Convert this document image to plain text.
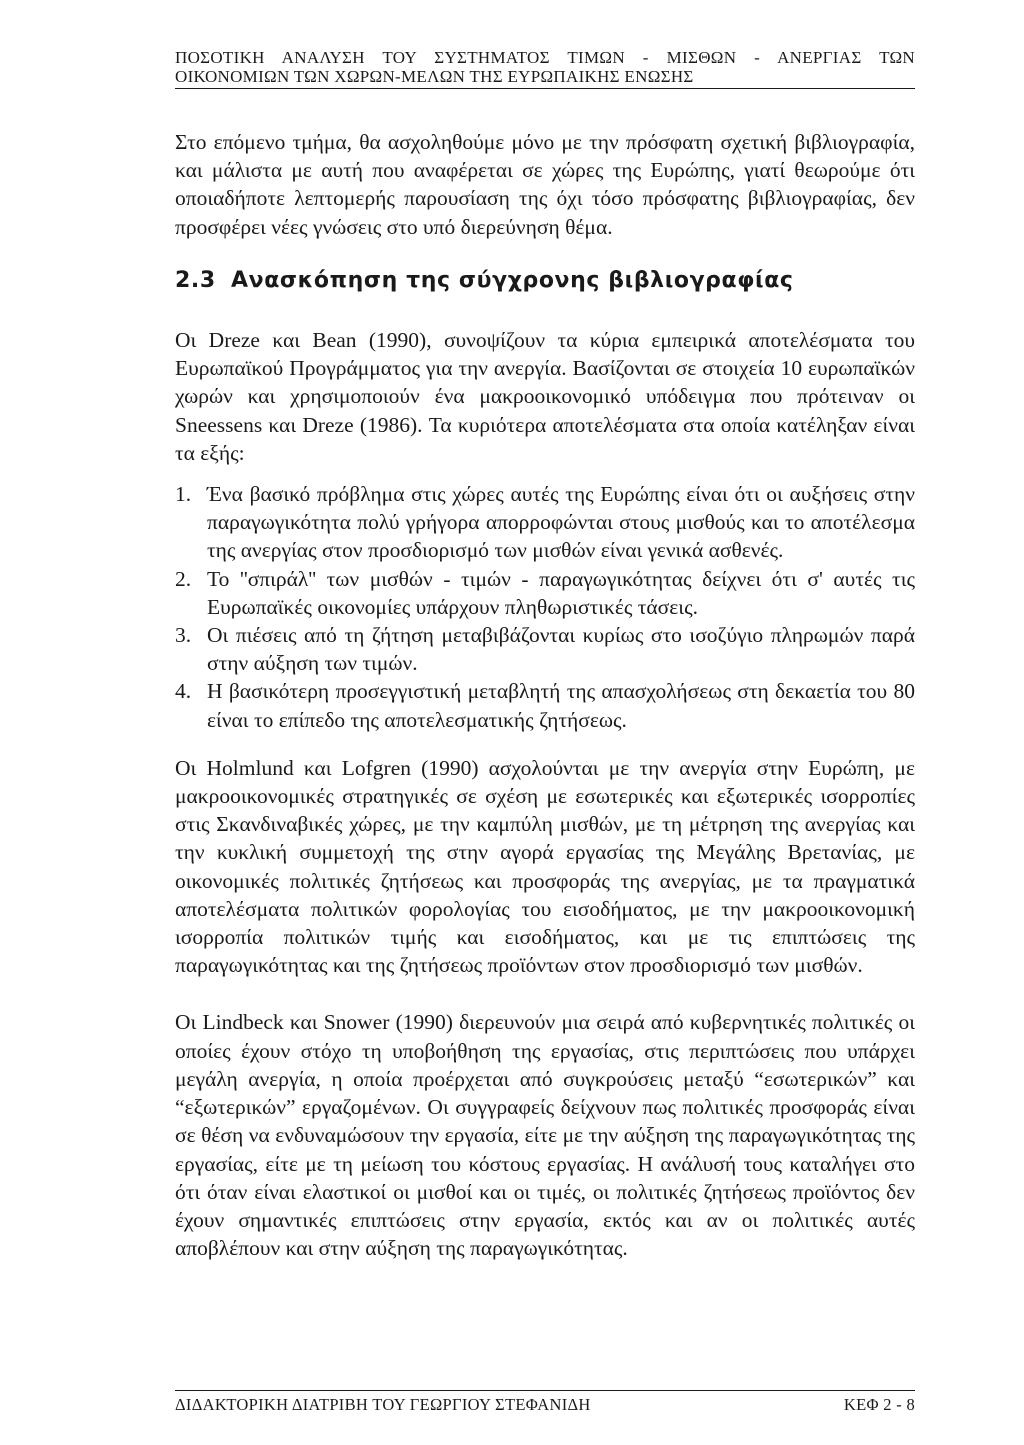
ΠΟΣΟΤΙΚΗ ΑΝΑΛΥΣΗ ΤΟΥ ΣΥΣΤΗΜΑΤΟΣ ΤΙΜΩΝ - ΜΙΣΘΩΝ - ΑΝΕΡΓΙΑΣ ΤΩΝ
ΟΙΚΟΝΟΜΙΩΝ ΤΩΝ ΧΩΡΩΝ-ΜΕΛΩΝ ΤΗΣ ΕΥΡΩΠΑΙΚΗΣ ΕΝΩΣΗΣ

Στο επόμενο τμήμα, θα ασχοληθούμε μόνο με την πρόσφατη σχετική βιβλιογραφία, και μάλιστα με αυτή που αναφέρεται σε χώρες της Ευρώπης, γιατί θεωρούμε ότι οποιαδήποτε λεπτομερής παρουσίαση της όχι τόσο πρόσφατης βιβλιογραφίας, δεν προσφέρει νέες γνώσεις στο υπό διερεύνηση θέμα.

2.3 Ανασκόπηση της σύγχρονης βιβλιογραφίας

Οι Dreze και Bean (1990), συνοψίζουν τα κύρια εμπειρικά αποτελέσματα του Ευρωπαϊκού Προγράμματος για την ανεργία. Βασίζονται σε στοιχεία 10 ευρωπαϊκών χωρών και χρησιμοποιούν ένα μακροοικονομικό υπόδειγμα που πρότειναν οι Sneessens και Dreze (1986). Τα κυριότερα αποτελέσματα στα οποία κατέληξαν είναι τα εξής:

1. Ένα βασικό πρόβλημα στις χώρες αυτές της Ευρώπης είναι ότι οι αυξήσεις στην παραγωγικότητα πολύ γρήγορα απορροφώνται στους μισθούς και το αποτέλεσμα της ανεργίας στον προσδιορισμό των μισθών είναι γενικά ασθενές.
2. Το ''σπιράλ'' των μισθών - τιμών - παραγωγικότητας δείχνει ότι σ' αυτές τις Ευρωπαϊκές οικονομίες υπάρχουν πληθωριστικές τάσεις.
3. Οι πιέσεις από τη ζήτηση μεταβιβάζονται κυρίως στο ισοζύγιο πληρωμών παρά στην αύξηση των τιμών.
4. Η βασικότερη προσεγγιστική μεταβλητή της απασχολήσεως στη δεκαετία του 80 είναι το επίπεδο της αποτελεσματικής ζητήσεως.

Οι Holmlund και Lofgren (1990) ασχολούνται με την ανεργία στην Ευρώπη, με μακροοικονομικές στρατηγικές σε σχέση με εσωτερικές και εξωτερικές ισορροπίες στις Σκανδιναβικές χώρες, με την καμπύλη μισθών, με τη μέτρηση της ανεργίας και την κυκλική συμμετοχή της στην αγορά εργασίας της Μεγάλης Βρετανίας, με οικονομικές πολιτικές ζητήσεως και προσφοράς της ανεργίας, με τα πραγματικά αποτελέσματα πολιτικών φορολογίας του εισοδήματος, με την μακροοικονομική ισορροπία πολιτικών τιμής και εισοδήματος, και με τις επιπτώσεις της παραγωγικότητας και της ζητήσεως προϊόντων στον προσδιορισμό των μισθών.

Οι Lindbeck και Snower (1990) διερευνούν μια σειρά από κυβερνητικές πολιτικές οι οποίες έχουν στόχο τη υποβοήθηση της εργασίας, στις περιπτώσεις που υπάρχει μεγάλη ανεργία, η οποία προέρχεται από συγκρούσεις μεταξύ “εσωτερικών” και “εξωτερικών” εργαζομένων. Οι συγγραφείς δείχνουν πως πολιτικές προσφοράς είναι σε θέση να ενδυναμώσουν την εργασία, είτε με την αύξηση της παραγωγικότητας της εργασίας, είτε με τη μείωση του κόστους εργασίας. Η ανάλυσή τους καταλήγει στο ότι όταν είναι ελαστικοί οι μισθοί και οι τιμές, οι πολιτικές ζητήσεως προϊόντος δεν έχουν σημαντικές επιπτώσεις στην εργασία, εκτός και αν οι πολιτικές αυτές αποβλέπουν και στην αύξηση της παραγωγικότητας.

ΔΙΔΑΚΤΟΡΙΚΗ ΔΙΑΤΡΙΒΗ ΤΟΥ ΓΕΩΡΓΙΟΥ ΣΤΕΦΑΝΙΔΗ	ΚΕΦ 2 - 8
